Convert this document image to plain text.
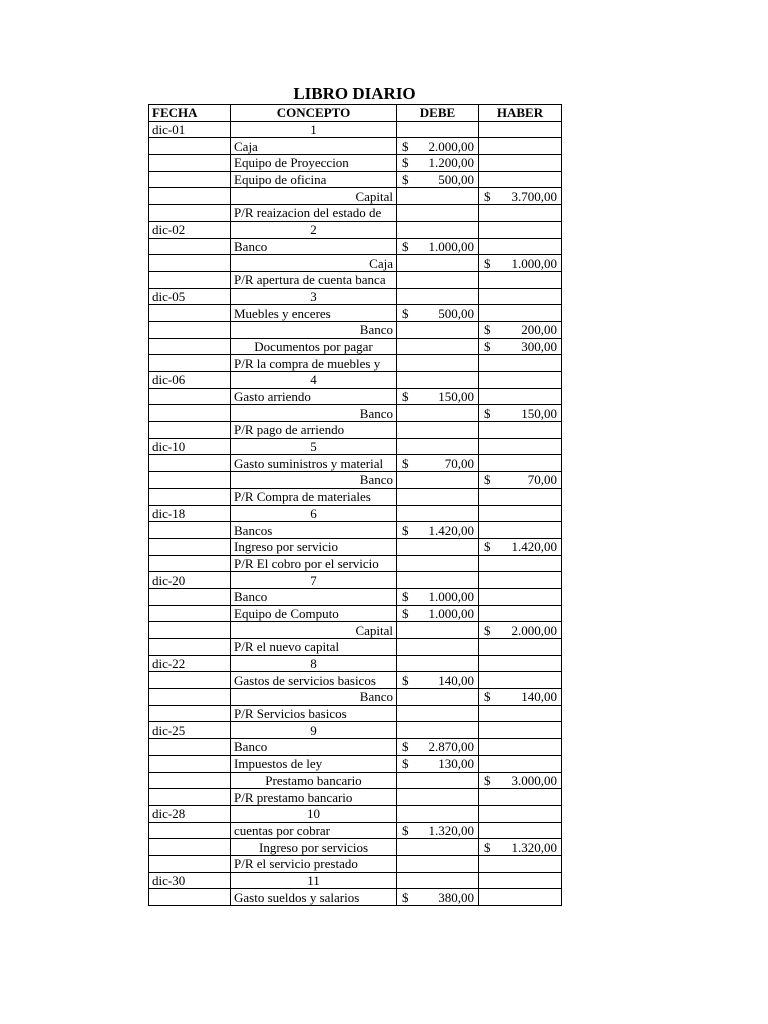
LIBRO DIARIO
FECHA	CONCEPTO	DEBE	HABER
dic-01	1		
	Caja	$ 2.000,00	

	Equipo de Proyeccion	$ 1.200,00	

	Equipo de oficina	$ 500,00	

	Capital		$ 3.700,00

	P/R reaizacion del estado de		
dic-02	2		
	Banco	$ 1.000,00	

	Caja		$ 1.000,00

	P/R apertura de cuenta banca		
dic-05	3		
	Muebles y enceres	$ 500,00	

	Banco		$ 200,00

	Documentos por pagar		$ 300,00

	P/R la compra de muebles y		
dic-06	4		
	Gasto arriendo	$ 150,00	

	Banco		$ 150,00

	P/R pago de arriendo		
dic-10	5		
	Gasto suministros y material	$ 70,00	

	Banco		$ 70,00

	P/R Compra de materiales		
dic-18	6		
	Bancos	$ 1.420,00	

	Ingreso por servicio		$ 1.420,00

	P/R El cobro por el servicio		
dic-20	7		
	Banco	$ 1.000,00	

	Equipo de Computo	$ 1.000,00	

	Capital		$ 2.000,00

	P/R el nuevo capital		
dic-22	8		
	Gastos de servicios basicos	$ 140,00	

	Banco		$ 140,00

	P/R Servicios basicos		
dic-25	9		
	Banco	$ 2.870,00	

	Impuestos de ley	$ 130,00	

	Prestamo bancario		$ 3.000,00

	P/R prestamo bancario		
dic-28	10		
	cuentas por cobrar	$ 1.320,00	

	Ingreso por servicios		$ 1.320,00

	P/R el servicio prestado		
dic-30	11		
	Gasto sueldos y salarios	$ 380,00	
